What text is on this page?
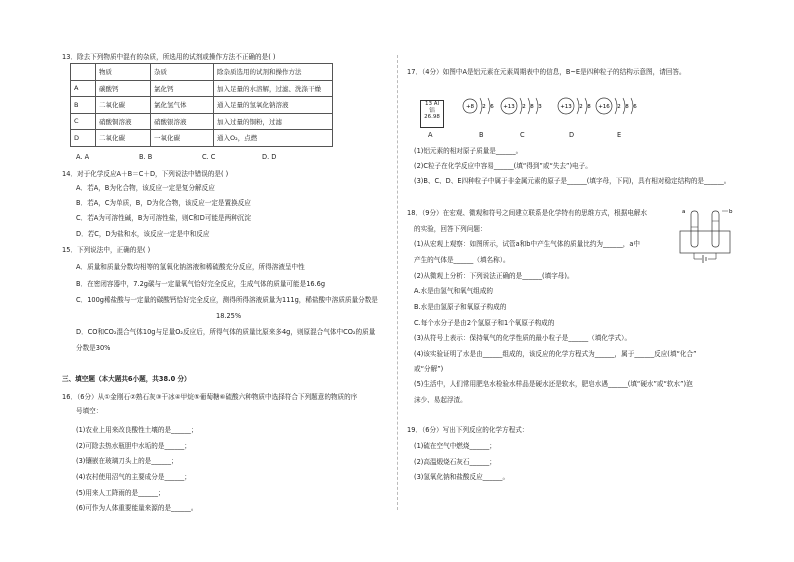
13．除去下列物质中混有的杂质，所选用的试剂或操作方法不正确的是( )
	物质	杂质	除杂质选用的试剂和操作方法
A	碳酸钙	氯化钙	加入足量的水溶解，过滤、洗涤干燥
B	二氧化碳	氯化氢气体	通入足量的氢氧化钠溶液
C	硝酸铜溶液	硝酸银溶液	加入过量的铜粉，过滤
D	二氧化碳	一氧化碳	通入O₂，点燃
A. A	B. B	C. C	D. D
14．对于化学反应A＋B＝C＋D，下列说法中错误的是( )
A．若A，B为化合物，该反应一定是复分解反应
B．若A，C为单质，B，D为化合物，该反应一定是置换反应
C．若A为可溶性碱，B为可溶性盐，则C和D可能是两种沉淀
D．若C，D为盐和水，该反应一定是中和反应
15．下列说法中，正确的是( )
A．质量和质量分数均相等的氢氧化钠溶液和稀硫酸充分反应，所得溶液呈中性
B．在密闭容器中，7.2g碳与一定量氧气恰好完全反应，生成气体的质量可能是16.6g
C．100g稀盐酸与一定量的碳酸钙恰好完全反应，测得所得溶液质量为111g，稀盐酸中溶质质量分数是
18.25%
D．CO和CO₂混合气体10g与足量O₂反应后，所得气体的质量比原来多4g，则原混合气体中CO₂的质量
分数是30%
三、填空题（本大题共6小题，共38.0 分）
16．（6分）从①金刚石②熟石灰③干冰④甲烷⑤葡萄糖⑥硫酸六种物质中选择符合下列题意的物质的序
号填空：
(1)农业上用来改良酸性土壤的是______；
(2)可除去热水瓶胆中水垢的是______；
(3)镶嵌在玻璃刀头上的是______；
(4)农村使用沼气的主要成分是______；
(5)用来人工降雨的是______；
(6)可作为人体重要能量来源的是______。
17．（4分）如图中A是铝元素在元素周期表中的信息，B~E是四种粒子的结构示意图，请回答。
13 Al
铝
26.98
+8 2 6 +13 2 8 3	+13 2 8 +16 2 8 6
A	B	C	D	E
(1)铝元素的相对原子质量是______。
(2)C粒子在化学反应中容易______(填“得到”或“失去”)电子。
(3)B、C、D、E四种粒子中属于非金属元素的原子是______(填字母，下同)，具有相对稳定结构的是______。
18．（9分）在宏观、微观和符号之间建立联系是化学特有的思维方式，根据电解水
的实验，回答下列问题：
(1)从宏观上观察：如图所示，试管a和b中产生气体的质量比约为______，a中
产生的气体是______（填名称）。
(2)从微观上分析：下列说法正确的是______(填字母)。
A.水是由氢气和氧气组成的
B.水是由氢原子和氧原子构成的
C.每个水分子是由2个氢原子和1个氧原子构成的
(3)从符号上表示：保持氧气的化学性质的最小粒子是______（填化学式）。
(4)该实验证明了水是由______组成的，该反应的化学方程式为______，属于______反应(填“化合”
或“分解”)
(5)生活中，人们常用肥皂水检验水样品是硬水还是软水，肥皂水遇______(填“硬水”或“软水”)泡
沫少、易起浮渣。
a	b
19．（6分）写出下列反应的化学方程式：
(1)硫在空气中燃烧______；
(2)高温煅烧石灰石______；
(3)氢氧化钠和盐酸反应______。
